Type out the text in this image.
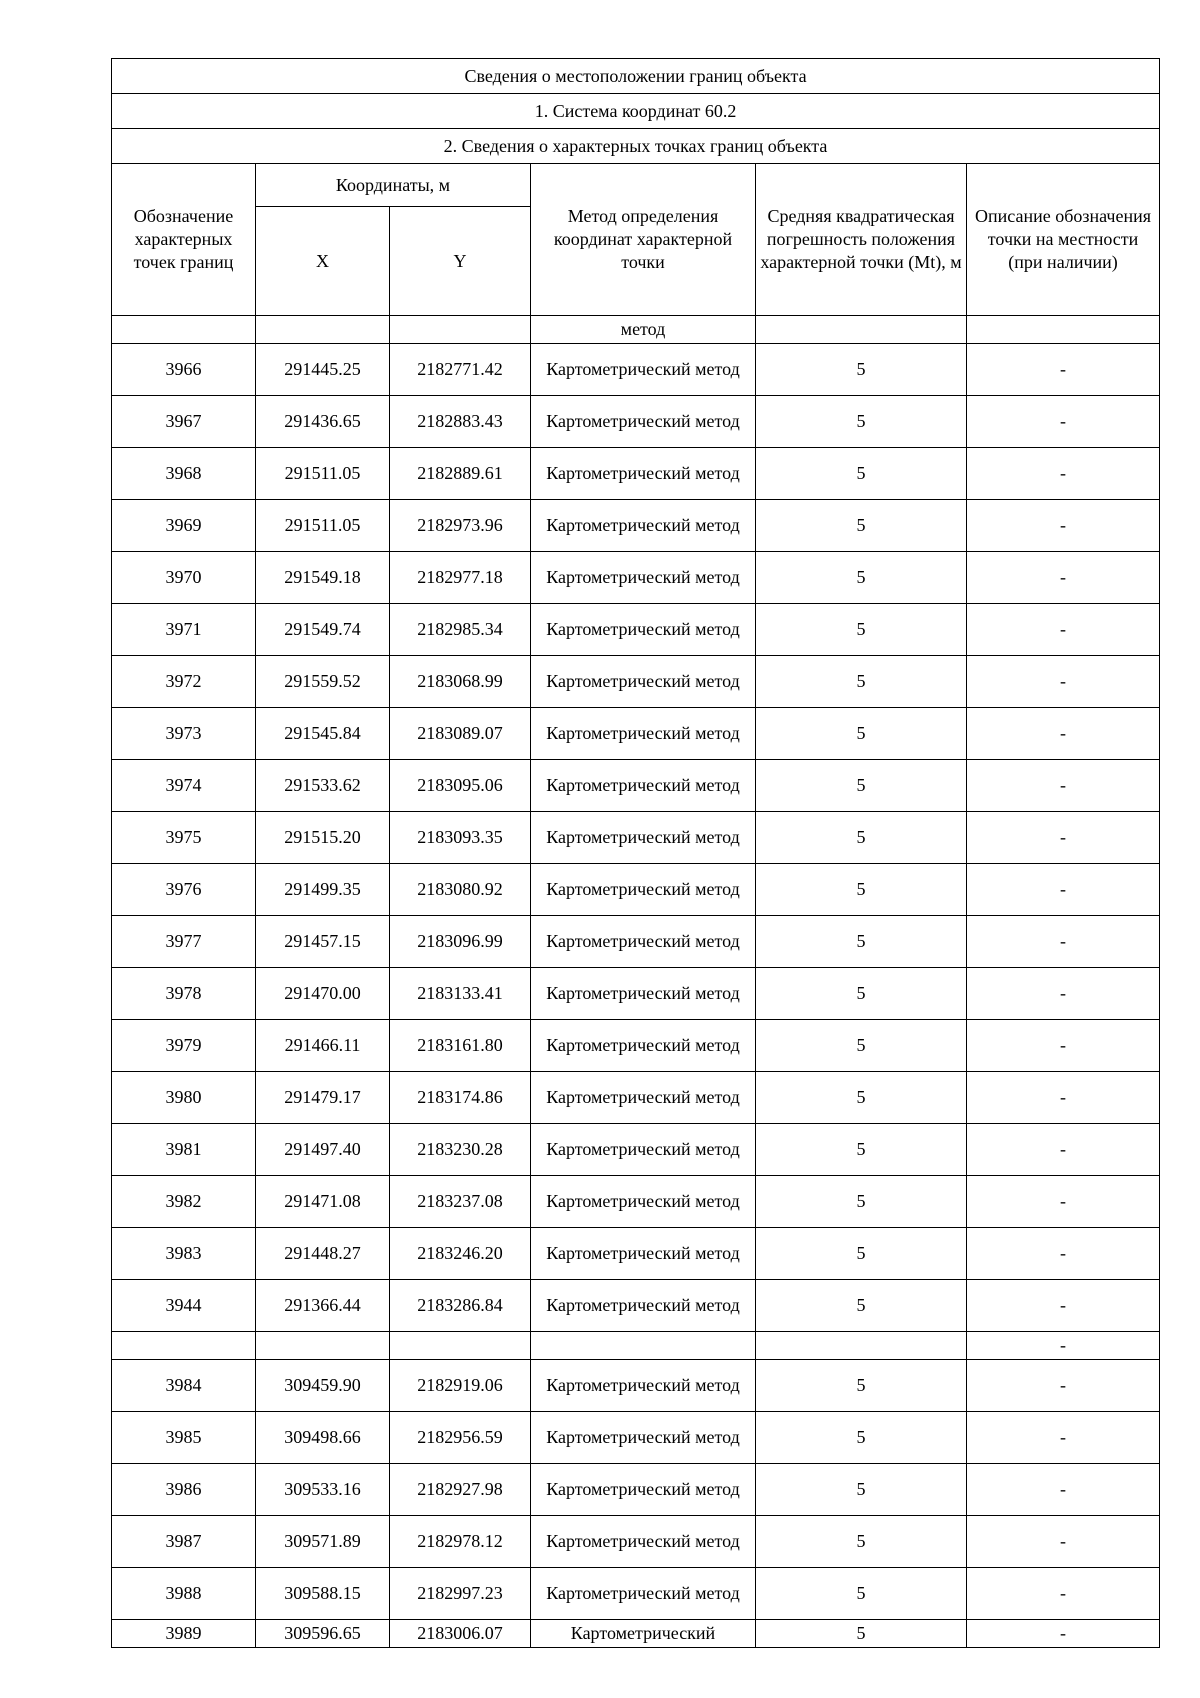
Сведения о местоположении границ объекта					
1. Система координат 60.2					
2. Сведения о характерных точках границ объекта					
Обозначение характерных точек границ	Координаты, м		Метод определения координат характерной точки	Средняя квадратическая погрешность положения характерной точки (Mt), м	Описание обозначения точки на местности (при наличии)
	X	Y			
			метод		
3966	291445.25	2182771.42	Картометрический метод	5	-
3967	291436.65	2182883.43	Картометрический метод	5	-
3968	291511.05	2182889.61	Картометрический метод	5	-
3969	291511.05	2182973.96	Картометрический метод	5	-
3970	291549.18	2182977.18	Картометрический метод	5	-
3971	291549.74	2182985.34	Картометрический метод	5	-
3972	291559.52	2183068.99	Картометрический метод	5	-
3973	291545.84	2183089.07	Картометрический метод	5	-
3974	291533.62	2183095.06	Картометрический метод	5	-
3975	291515.20	2183093.35	Картометрический метод	5	-
3976	291499.35	2183080.92	Картометрический метод	5	-
3977	291457.15	2183096.99	Картометрический метод	5	-
3978	291470.00	2183133.41	Картометрический метод	5	-
3979	291466.11	2183161.80	Картометрический метод	5	-
3980	291479.17	2183174.86	Картометрический метод	5	-
3981	291497.40	2183230.28	Картометрический метод	5	-
3982	291471.08	2183237.08	Картометрический метод	5	-
3983	291448.27	2183246.20	Картометрический метод	5	-
3944	291366.44	2183286.84	Картометрический метод	5	-
					-
3984	309459.90	2182919.06	Картометрический метод	5	-
3985	309498.66	2182956.59	Картометрический метод	5	-
3986	309533.16	2182927.98	Картометрический метод	5	-
3987	309571.89	2182978.12	Картометрический метод	5	-
3988	309588.15	2182997.23	Картометрический метод	5	-
3989	309596.65	2183006.07	Картометрический	5	-
